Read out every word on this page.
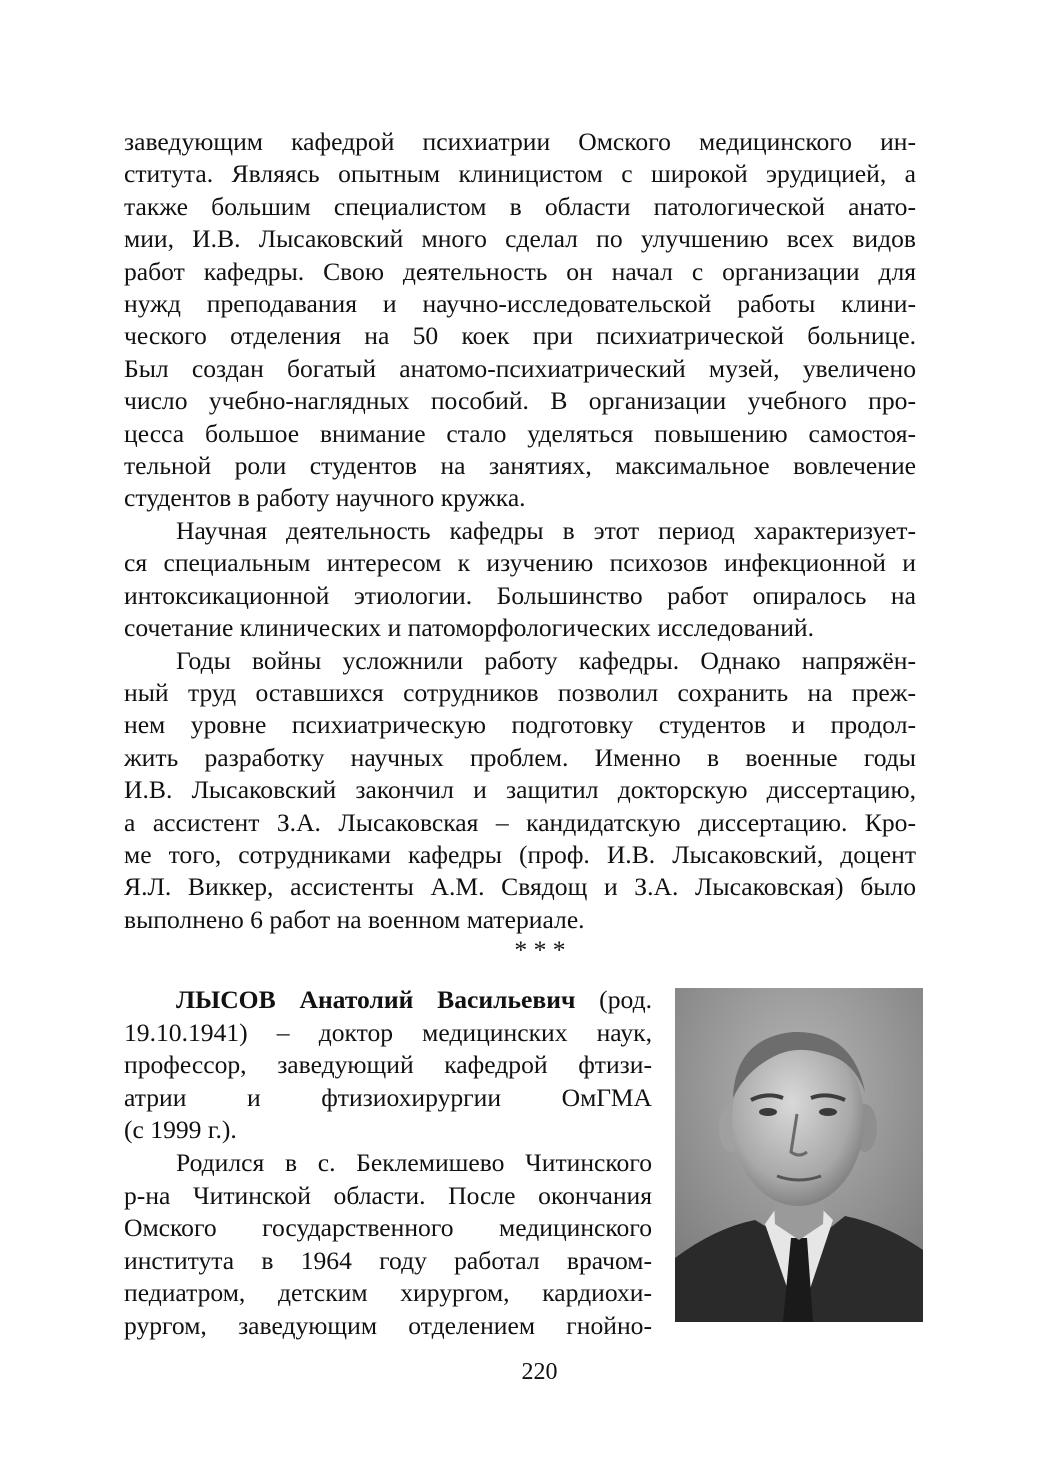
заведующим кафедрой психиатрии Омского медицинского ин-
ститута. Являясь опытным клиницистом с широкой эрудицией, а
также большим специалистом в области патологической анато-
мии, И.В. Лысаковский много сделал по улучшению всех видов
работ кафедры. Свою деятельность он начал с организации для
нужд преподавания и научно-исследовательской работы клини-
ческого отделения на 50 коек при психиатрической больнице.
Был создан богатый анатомо-психиатрический музей, увеличено
число учебно-наглядных пособий. В организации учебного про-
цесса большое внимание стало уделяться повышению самостоя-
тельной роли студентов на занятиях, максимальное вовлечение
студентов в работу научного кружка.

Научная деятельность кафедры в этот период характеризует-
ся специальным интересом к изучению психозов инфекционной и
интоксикационной этиологии. Большинство работ опиралось на
сочетание клинических и патоморфологических исследований.

Годы войны усложнили работу кафедры. Однако напряжён-
ный труд оставшихся сотрудников позволил сохранить на преж-
нем уровне психиатрическую подготовку студентов и продол-
жить разработку научных проблем. Именно в военные годы
И.В. Лысаковский закончил и защитил докторскую диссертацию,
а ассистент З.А. Лысаковская – кандидатскую диссертацию. Кро-
ме того, сотрудниками кафедры (проф. И.В. Лысаковский, доцент
Я.Л. Виккер, ассистенты А.М. Свядощ и З.А. Лысаковская) было
выполнено 6 работ на военном материале.

* * *
ЛЫСОВ Анатолий Васильевич (род.
19.10.1941) – доктор медицинских наук,
профессор, заведующий кафедрой фтизи-
атрии и фтизиохирургии ОмГМА
(с 1999 г.).
Родился в с. Беклемишево Читинского
р-на Читинской области. После окончания
Омского государственного медицинского
института в 1964 году работал врачом-
педиатром, детским хирургом, кардиохи-
рургом, заведующим отделением гнойно-
220
